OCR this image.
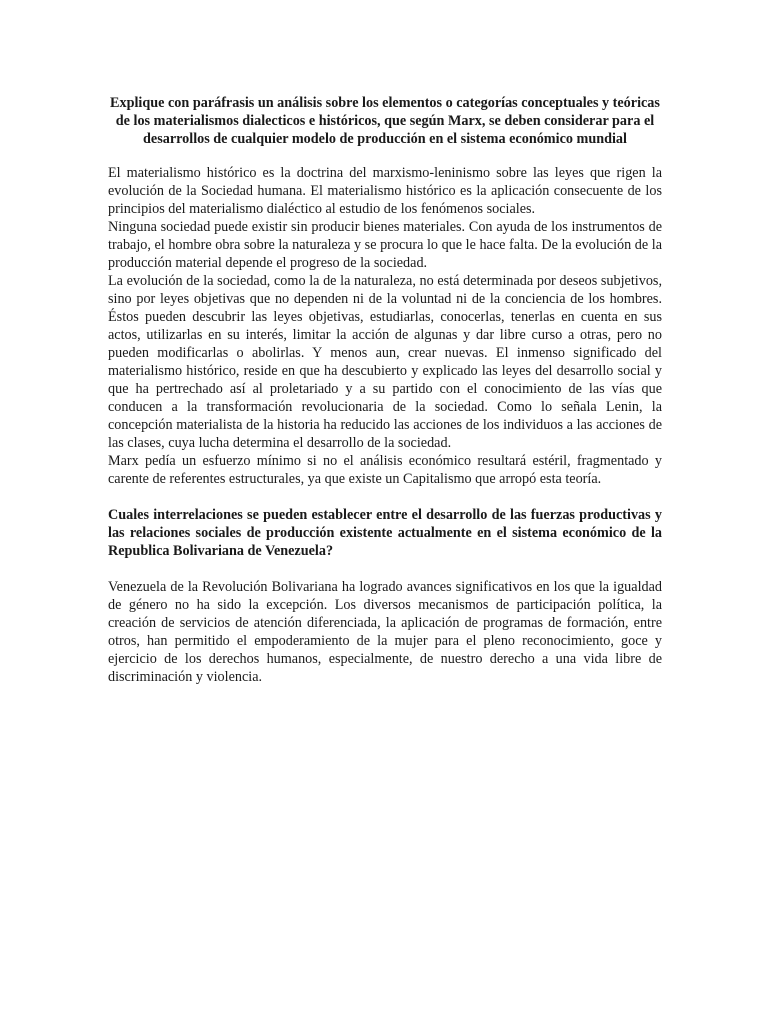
Explique con paráfrasis un análisis sobre los elementos o categorías conceptuales y teóricas de los materialismos dialecticos e históricos, que según Marx, se deben considerar para el desarrollos de cualquier modelo de producción en el sistema económico mundial

El materialismo histórico es la doctrina del marxismo-leninismo sobre las leyes que rigen la evolución de la Sociedad humana. El materialismo histórico es la aplicación consecuente de los principios del materialismo dialéctico al estudio de los fenómenos sociales.

Ninguna sociedad puede existir sin producir bienes materiales. Con ayuda de los instrumentos de trabajo, el hombre obra sobre la naturaleza y se procura lo que le hace falta. De la evolución de la producción material depende el progreso de la sociedad.

La evolución de la sociedad, como la de la naturaleza, no está determinada por deseos subjetivos, sino por leyes objetivas que no dependen ni de la voluntad ni de la conciencia de los hombres. Éstos pueden descubrir las leyes objetivas, estudiarlas, conocerlas, tenerlas en cuenta en sus actos, utilizarlas en su interés, limitar la acción de algunas y dar libre curso a otras, pero no pueden modificarlas o abolirlas. Y menos aun, crear nuevas. El inmenso significado del materialismo histórico, reside en que ha descubierto y explicado las leyes del desarrollo social y que ha pertrechado así al proletariado y a su partido con el conocimiento de las vías que conducen a la transformación revolucionaria de la sociedad. Como lo señala Lenin, la concepción materialista de la historia ha reducido las acciones de los individuos a las acciones de las clases, cuya lucha determina el desarrollo de la sociedad.

Marx pedía un esfuerzo mínimo si no el análisis económico resultará estéril, fragmentado y carente de referentes estructurales, ya que existe un Capitalismo que arropó esta teoría.

Cuales interrelaciones se pueden establecer entre el desarrollo de las fuerzas productivas y las relaciones sociales de producción existente actualmente en el sistema económico de la Republica Bolivariana de Venezuela?

Venezuela de la Revolución Bolivariana ha logrado avances significativos en los que la igualdad de género no ha sido la excepción. Los diversos mecanismos de participación política, la creación de servicios de atención diferenciada, la aplicación de programas de formación, entre otros, han permitido el empoderamiento de la mujer para el pleno reconocimiento, goce y ejercicio de los derechos humanos, especialmente, de nuestro derecho a una vida libre de discriminación y violencia.
